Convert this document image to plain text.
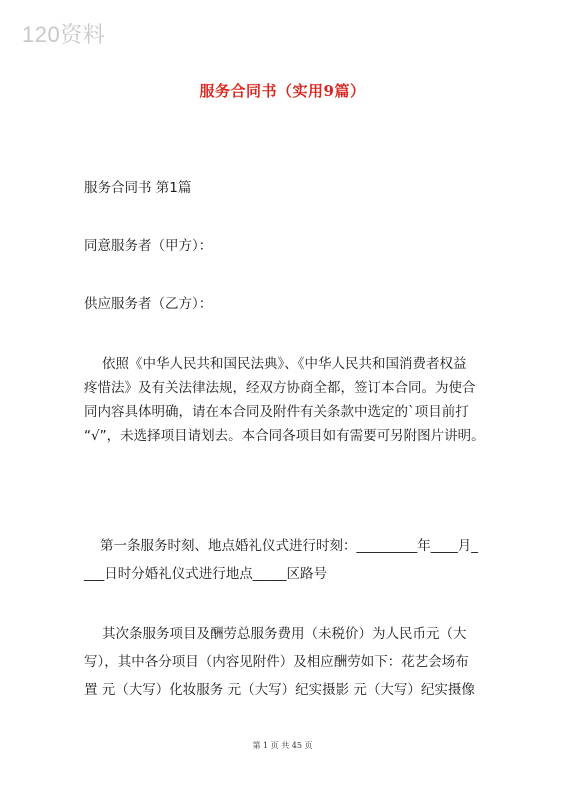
120资料
服务合同书（实用9篇）
服务合同书 第1篇
同意服务者（甲方）：
供应服务者（乙方）：
依照《中华人民共和国民法典》、《中华人民共和国消费者权益
疼惜法》及有关法律法规，经双方协商全都，签订本合同。为使合
同内容具体明确，请在本合同及附件有关条款中选定的`项目前打
“√”，未选择项目请划去。本合同各项目如有需要可另附图片讲明。
第一条服务时刻、地点婚礼仪式进行时刻：_________年____月_
___日时分婚礼仪式进行地点_____区路号
其次条服务项目及酬劳总服务费用（未税价）为人民币元（大
写），其中各分项目（内容见附件）及相应酬劳如下：花艺会场布
置 元（大写）化妆服务 元（大写）纪实摄影 元（大写）纪实摄像
第 1 页 共 45 页
